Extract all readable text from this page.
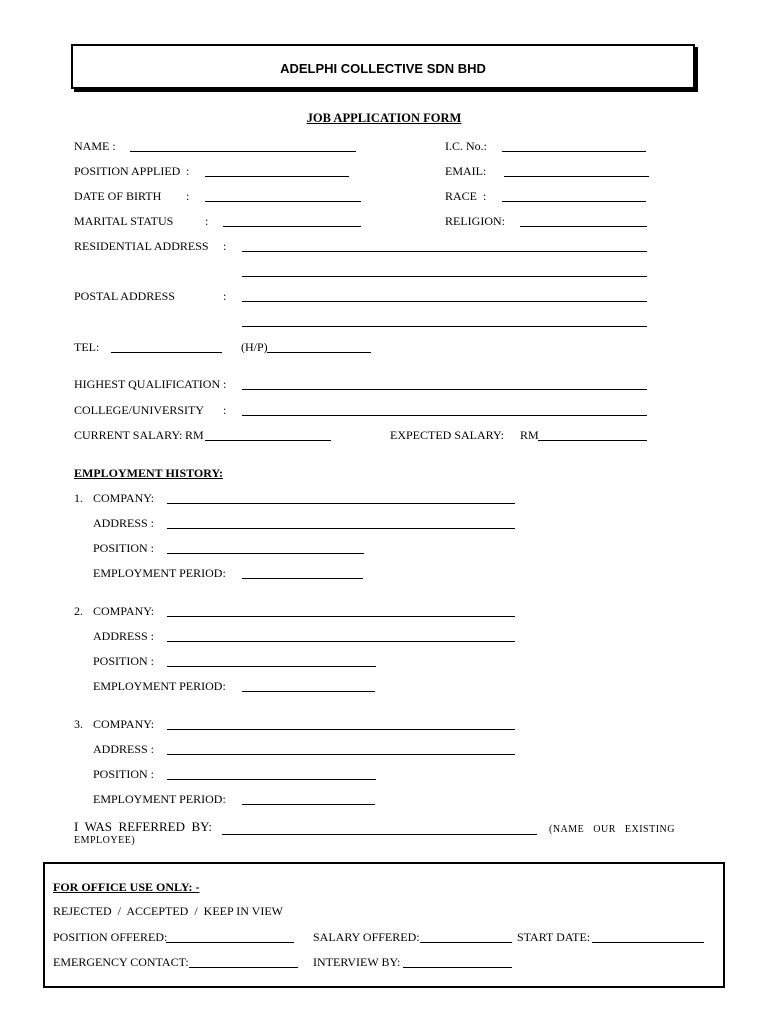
ADELPHI COLLECTIVE SDN BHD
JOB APPLICATION FORM
NAME :	I.C. No.:
POSITION APPLIED :	EMAIL:
DATE OF BIRTH :	RACE :
MARITAL STATUS	:	RELIGION:
RESIDENTIAL ADDRESS :
POSTAL ADDRESS	:
TEL:	(H/P)
HIGHEST QUALIFICATION :
COLLEGE/UNIVERSITY :
CURRENT SALARY: RM	EXPECTED SALARY: RM
EMPLOYMENT HISTORY:
1. COMPANY:
ADDRESS :
POSITION :
EMPLOYMENT PERIOD:
2. COMPANY:
ADDRESS :
POSITION :
EMPLOYMENT PERIOD:
3. COMPANY:
ADDRESS :
POSITION :
EMPLOYMENT PERIOD:
I  WAS  REFERRED  BY:	(NAME   OUR   EXISTING
EMPLOYEE)
FOR OFFICE USE ONLY: -
REJECTED  /  ACCEPTED  /  KEEP IN VIEW
POSITION OFFERED:	SALARY OFFERED:	START DATE:
EMERGENCY CONTACT:	INTERVIEW BY:
